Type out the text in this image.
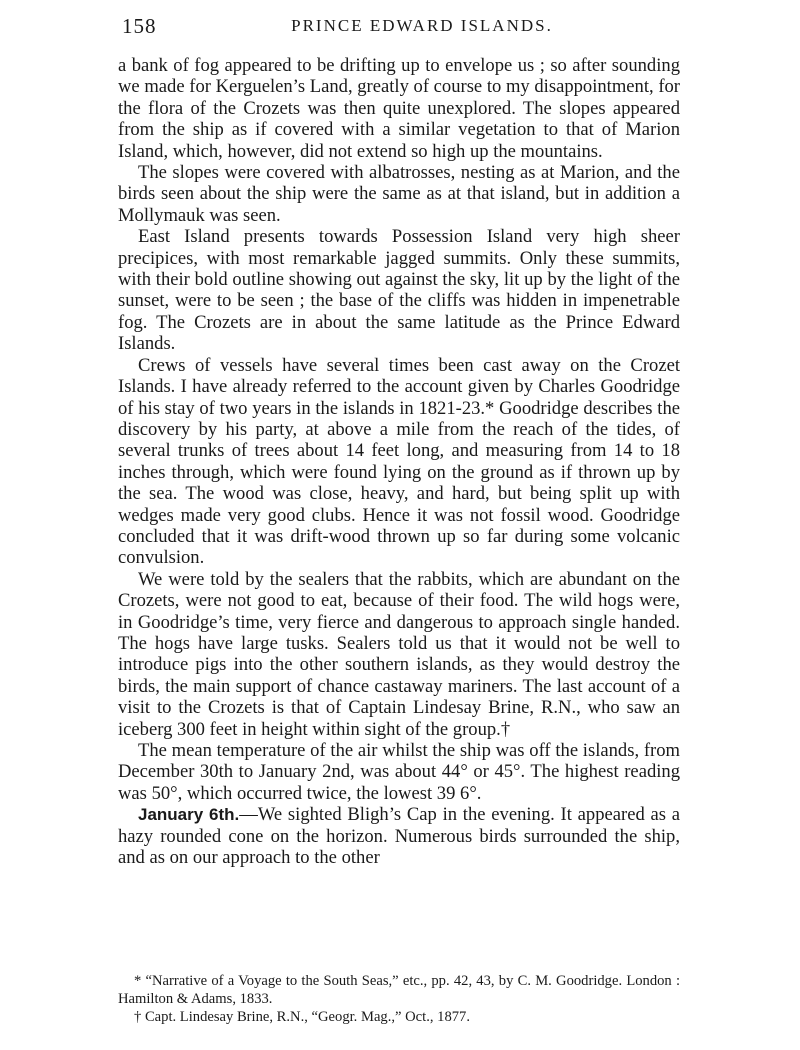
158	PRINCE EDWARD ISLANDS.

a bank of fog appeared to be drifting up to envelope us ; so after sounding we made for Kerguelen’s Land, greatly of course to my disappointment, for the flora of the Crozets was then quite unexplored. The slopes appeared from the ship as if covered with a similar vegetation to that of Marion Island, which, however, did not extend so high up the mountains.

The slopes were covered with albatrosses, nesting as at Marion, and the birds seen about the ship were the same as at that island, but in addition a Mollymauk was seen.

East Island presents towards Possession Island very high sheer precipices, with most remarkable jagged summits. Only these summits, with their bold outline showing out against the sky, lit up by the light of the sunset, were to be seen ; the base of the cliffs was hidden in impenetrable fog. The Crozets are in about the same latitude as the Prince Edward Islands.

Crews of vessels have several times been cast away on the Crozet Islands. I have already referred to the account given by Charles Goodridge of his stay of two years in the islands in 1821-23.* Goodridge describes the discovery by his party, at above a mile from the reach of the tides, of several trunks of trees about 14 feet long, and measuring from 14 to 18 inches through, which were found lying on the ground as if thrown up by the sea. The wood was close, heavy, and hard, but being split up with wedges made very good clubs. Hence it was not fossil wood. Goodridge concluded that it was drift-wood thrown up so far during some volcanic convulsion.

We were told by the sealers that the rabbits, which are abundant on the Crozets, were not good to eat, because of their food. The wild hogs were, in Goodridge’s time, very fierce and dangerous to approach single handed. The hogs have large tusks. Sealers told us that it would not be well to introduce pigs into the other southern islands, as they would destroy the birds, the main support of chance castaway mariners. The last account of a visit to the Crozets is that of Captain Lindesay Brine, R.N., who saw an iceberg 300 feet in height within sight of the group.†

The mean temperature of the air whilst the ship was off the islands, from December 30th to January 2nd, was about 44° or 45°. The highest reading was 50°, which occurred twice, the lowest 39 6°.

January 6th.—We sighted Bligh’s Cap in the evening. It appeared as a hazy rounded cone on the horizon. Numerous birds surrounded the ship, and as on our approach to the other

* “Narrative of a Voyage to the South Seas,” etc., pp. 42, 43, by C. M. Goodridge. London : Hamilton & Adams, 1833.

† Capt. Lindesay Brine, R.N., “Geogr. Mag.,” Oct., 1877.
